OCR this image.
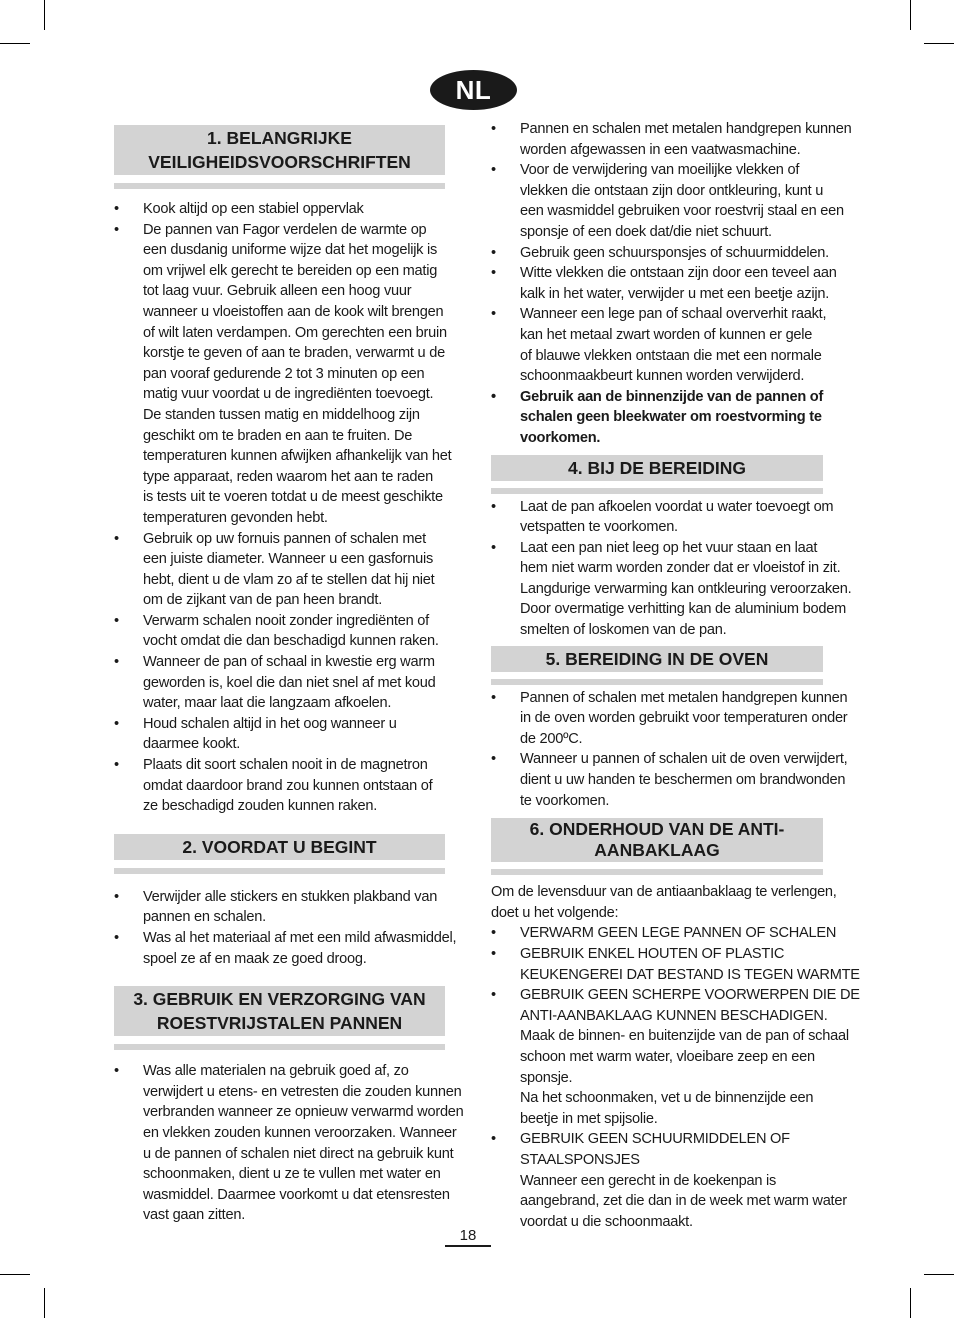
NL
1. BELANGRIJKE
VEILIGHEIDSVOORSCHRIFTEN
• Kook altijd op een stabiel oppervlak
• De pannen van Fagor verdelen de warmte op
een dusdanig uniforme wijze dat het mogelijk is
om vrijwel elk gerecht te bereiden op een matig
tot laag vuur. Gebruik alleen een hoog vuur
wanneer u vloeistoffen aan de kook wilt brengen
of wilt laten verdampen. Om gerechten een bruin
korstje te geven of aan te braden, verwarmt u de
pan vooraf gedurende 2 tot 3 minuten op een
matig vuur voordat u de ingrediënten toevoegt.
De standen tussen matig en middelhoog zijn
geschikt om te braden en aan te fruiten. De
temperaturen kunnen afwijken afhankelijk van het
type apparaat, reden waarom het aan te raden
is tests uit te voeren totdat u de meest geschikte
temperaturen gevonden hebt.
• Gebruik op uw fornuis pannen of schalen met
een juiste diameter. Wanneer u een gasfornuis
hebt, dient u de vlam zo af te stellen dat hij niet
om de zijkant van de pan heen brandt.
• Verwarm schalen nooit zonder ingrediënten of
vocht omdat die dan beschadigd kunnen raken.
• Wanneer de pan of schaal in kwestie erg warm
geworden is, koel die dan niet snel af met koud
water, maar laat die langzaam afkoelen.
• Houd schalen altijd in het oog wanneer u
daarmee kookt.
• Plaats dit soort schalen nooit in de magnetron
omdat daardoor brand zou kunnen ontstaan of
ze beschadigd zouden kunnen raken.
2. VOORDAT U BEGINT
• Verwijder alle stickers en stukken plakband van
pannen en schalen.
• Was al het materiaal af met een mild afwasmiddel,
spoel ze af en maak ze goed droog.
3. GEBRUIK EN VERZORGING VAN
ROESTVRIJSTALEN PANNEN
• Was alle materialen na gebruik goed af, zo
verwijdert u etens- en vetresten die zouden kunnen
verbranden wanneer ze opnieuw verwarmd worden
en vlekken zouden kunnen veroorzaken. Wanneer
u de pannen of schalen niet direct na gebruik kunt
schoonmaken, dient u ze te vullen met water en
wasmiddel. Daarmee voorkomt u dat etensresten
vast gaan zitten.
• Pannen en schalen met metalen handgrepen kunnen
worden afgewassen in een vaatwasmachine.
• Voor de verwijdering van moeilijke vlekken of
vlekken die ontstaan zijn door ontkleuring, kunt u
een wasmiddel gebruiken voor roestvrij staal en een
sponsje of een doek dat/die niet schuurt.
• Gebruik geen schuursponsjes of schuurmiddelen.
• Witte vlekken die ontstaan zijn door een teveel aan
kalk in het water, verwijder u met een beetje azijn.
• Wanneer een lege pan of schaal oververhit raakt,
kan het metaal zwart worden of kunnen er gele
of blauwe vlekken ontstaan die met een normale
schoonmaakbeurt kunnen worden verwijderd.
• Gebruik aan de binnenzijde van de pannen of
schalen geen bleekwater om roestvorming te
voorkomen.
4. BIJ DE BEREIDING
• Laat de pan afkoelen voordat u water toevoegt om
vetspatten te voorkomen.
• Laat een pan niet leeg op het vuur staan en laat
hem niet warm worden zonder dat er vloeistof in zit.
Langdurige verwarming kan ontkleuring veroorzaken.
Door overmatige verhitting kan de aluminium bodem
smelten of loskomen van de pan.
5. BEREIDING IN DE OVEN
• Pannen of schalen met metalen handgrepen kunnen
in de oven worden gebruikt voor temperaturen onder
de 200ºC.
• Wanneer u pannen of schalen uit de oven verwijdert,
dient u uw handen te beschermen om brandwonden
te voorkomen.
6. ONDERHOUD VAN DE ANTI-
AANBAKLAAG
Om de levensduur van de antiaanbaklaag te verlengen,
doet u het volgende:
• VERWARM GEEN LEGE PANNEN OF SCHALEN
• GEBRUIK ENKEL HOUTEN OF PLASTIC
KEUKENGEREI DAT BESTAND IS TEGEN WARMTE
• GEBRUIK GEEN SCHERPE VOORWERPEN DIE DE
ANTI-AANBAKLAAG KUNNEN BESCHADIGEN.
Maak de binnen- en buitenzijde van de pan of schaal
schoon met warm water, vloeibare zeep en een
sponsje.
Na het schoonmaken, vet u de binnenzijde een
beetje in met spijsolie.
• GEBRUIK GEEN SCHUURMIDDELEN OF
STAALSPONSJES
Wanneer een gerecht in de koekenpan is
aangebrand, zet die dan in de week met warm water
voordat u die schoonmaakt.
18
